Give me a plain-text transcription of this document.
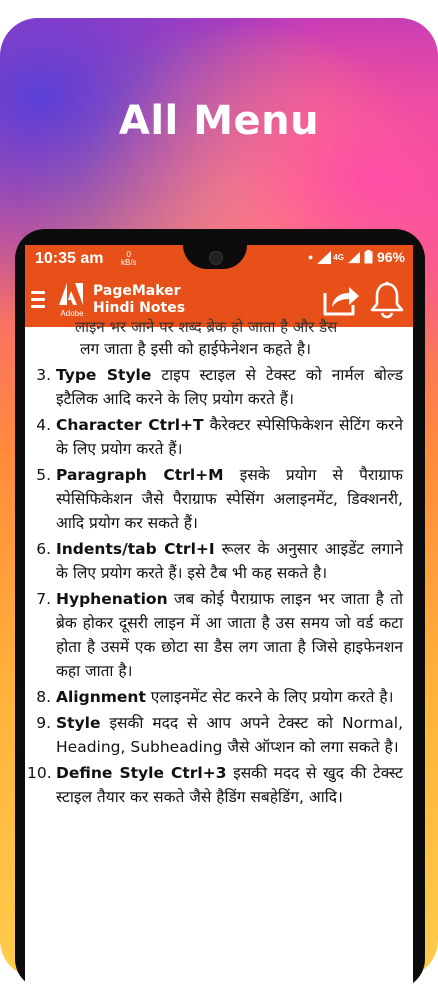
All Menu
10:35 am	0
kB/s
●	4G 96%
Adobe
PageMaker
Hindi Notes
लाइन भर जाने पर शब्द ब्रेक हो जाता है और डैस
लग जाता है इसी को हाईफेनेशन कहते है।
3. Type Style टाइप स्टाइल से टेक्स्ट को नार्मल बोल्ड इटैलिक आदि करने के लिए प्रयोग करते हैं।
4. Character Ctrl+T कैरेक्टर स्पेसिफिकेशन सेटिंग करने के लिए प्रयोग करते हैं।
5. Paragraph Ctrl+M इसके प्रयोग से पैराग्राफ स्पेसिफिकेशन जैसे पैराग्राफ स्पेसिंग अलाइनमेंट, डिक्शनरी, आदि प्रयोग कर सकते हैं।
6. Indents/tab Ctrl+I रूलर के अनुसार आइडेंट लगाने के लिए प्रयोग करते हैं। इसे टैब भी कह सकते है।
7. Hyphenation जब कोई पैराग्राफ लाइन भर जाता है तो ब्रेक होकर दूसरी लाइन में आ जाता है उस समय जो वर्ड कटा होता है उसमें एक छोटा सा डैस लग जाता है जिसे हाइफेनशन कहा जाता है।
8. Alignment एलाइनमेंट सेट करने के लिए प्रयोग करते है।
9. Style इसकी मदद से आप अपने टेक्स्ट को Normal, Heading, Subheading जैसे ऑप्शन को लगा सकते है।
10. Define Style Ctrl+3 इसकी मदद से खुद की टेक्स्ट स्टाइल तैयार कर सकते जैसे हैडिंग सबहेडिंग, आदि।
